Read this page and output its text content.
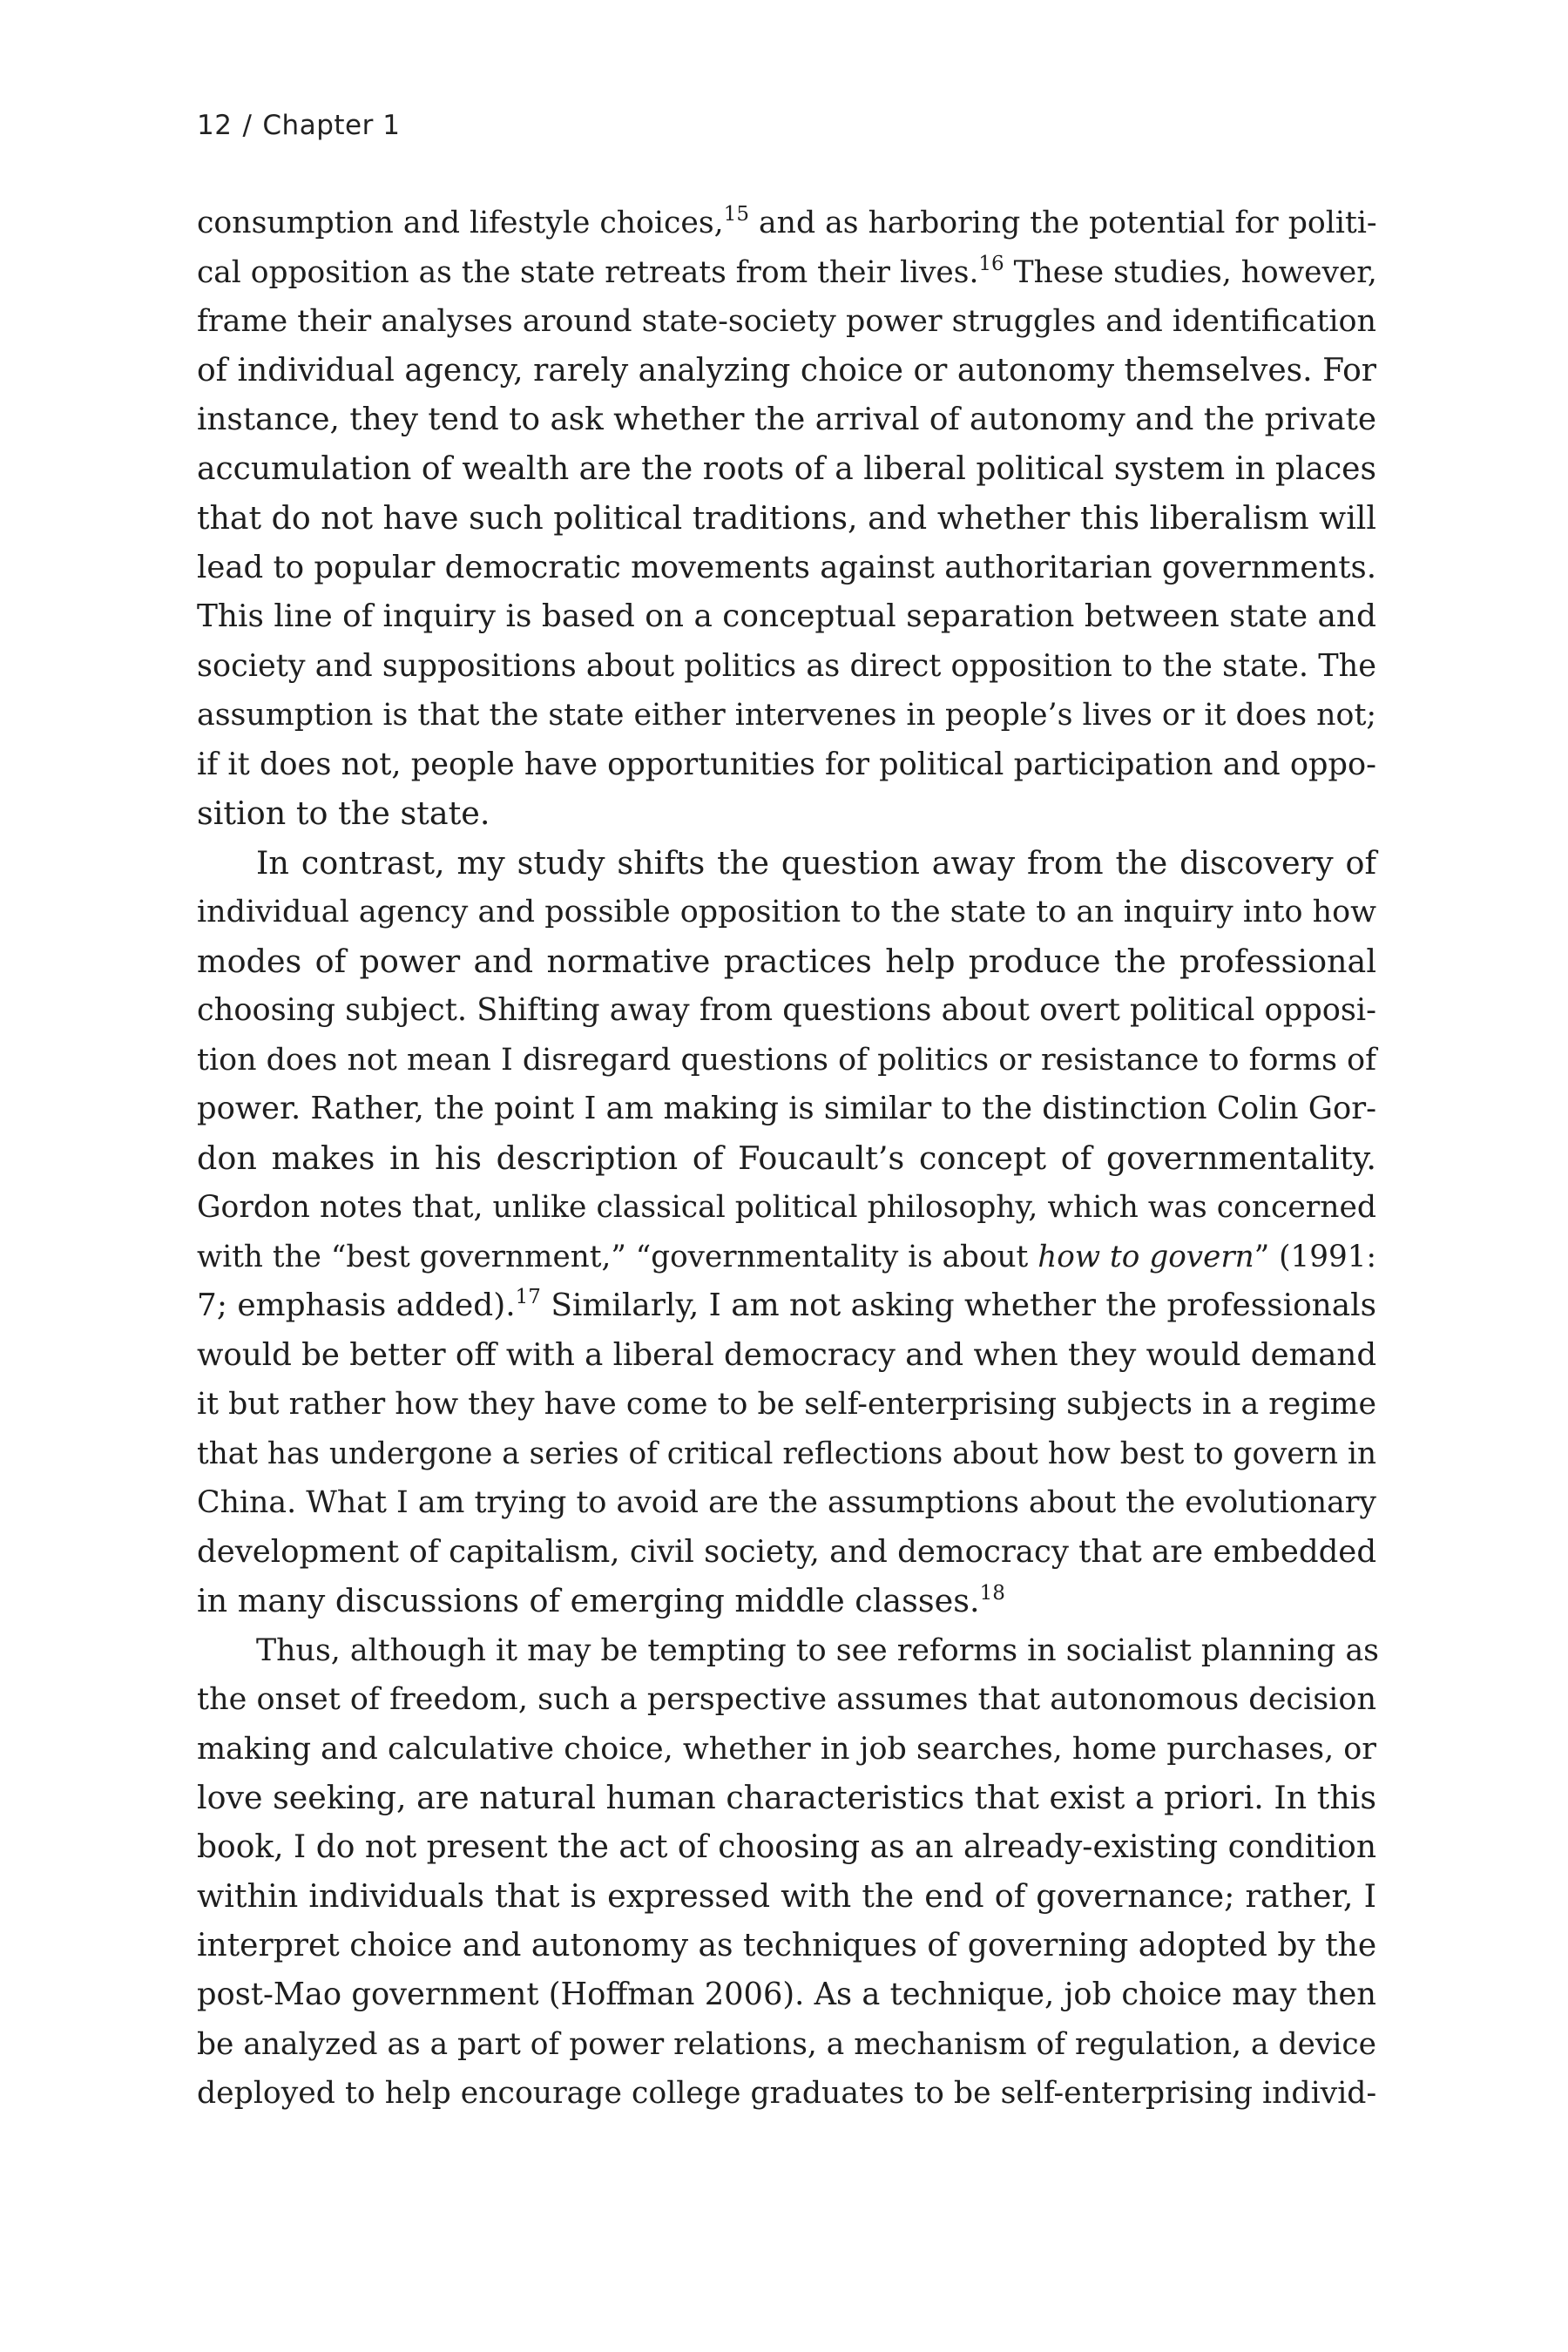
12 / Chapter 1
consumption and lifestyle choices,$^{15}$ and as harboring the potential for politi-
cal opposition as the state retreats from their lives.$^{16}$ These studies, however,
frame their analyses around state-society power struggles and identification
of individual agency, rarely analyzing choice or autonomy themselves. For
instance, they tend to ask whether the arrival of autonomy and the private
accumulation of wealth are the roots of a liberal political system in places
that do not have such political traditions, and whether this liberalism will
lead to popular democratic movements against authoritarian governments.
This line of inquiry is based on a conceptual separation between state and
society and suppositions about politics as direct opposition to the state. The
assumption is that the state either intervenes in people’s lives or it does not;
if it does not, people have opportunities for political participation and oppo-
sition to the state.
In contrast, my study shifts the question away from the discovery of
individual agency and possible opposition to the state to an inquiry into how
modes of power and normative practices help produce the professional
choosing subject. Shifting away from questions about overt political opposi-
tion does not mean I disregard questions of politics or resistance to forms of
power. Rather, the point I am making is similar to the distinction Colin Gor-
don makes in his description of Foucault’s concept of governmentality.
Gordon notes that, unlike classical political philosophy, which was concerned
with the “best government,” “governmentality is about how to govern” (1991:
7; emphasis added).$^{17}$ Similarly, I am not asking whether the professionals
would be better off with a liberal democracy and when they would demand
it but rather how they have come to be self-enterprising subjects in a regime
that has undergone a series of critical reflections about how best to govern in
China. What I am trying to avoid are the assumptions about the evolutionary
development of capitalism, civil society, and democracy that are embedded
in many discussions of emerging middle classes.$^{18}$
Thus, although it may be tempting to see reforms in socialist planning as
the onset of freedom, such a perspective assumes that autonomous decision
making and calculative choice, whether in job searches, home purchases, or
love seeking, are natural human characteristics that exist a priori. In this
book, I do not present the act of choosing as an already-existing condition
within individuals that is expressed with the end of governance; rather, I
interpret choice and autonomy as techniques of governing adopted by the
post-Mao government (Hoffman 2006). As a technique, job choice may then
be analyzed as a part of power relations, a mechanism of regulation, a device
deployed to help encourage college graduates to be self-enterprising individ-
